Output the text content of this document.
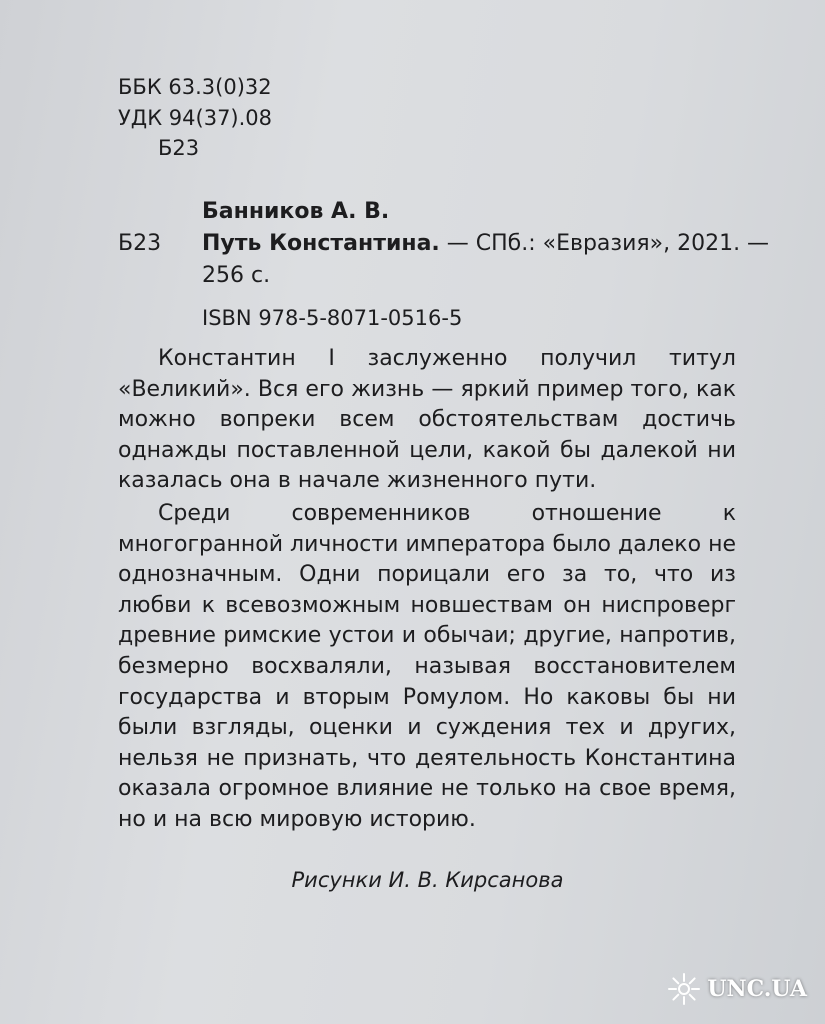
ББК 63.3(0)32
УДК 94(37).08
Б23
Банников А. В.
Б23 Путь Константина. — СПб.: «Евразия», 2021. —
256 с.
ISBN 978-5-8071-0516-5

Константин I заслуженно получил титул «Великий». Вся его жизнь — яркий пример того, как можно вопреки всем обстоятельствам достичь однажды поставленной цели, какой бы далекой ни казалась она в начале жизненного пути.

Среди современников отношение к многогранной личности императора было далеко не однозначным. Одни порицали его за то, что из любви к всевозможным новшествам он ниспроверг древние римские устои и обычаи; другие, напротив, безмерно восхваляли, называя восстановителем государства и вторым Ромулом. Но каковы бы ни были взгляды, оценки и суждения тех и других, нельзя не признать, что деятельность Константина оказала огромное влияние не только на свое время, но и на всю мировую историю.

Рисунки И. В. Кирсанова
UNC.UA
